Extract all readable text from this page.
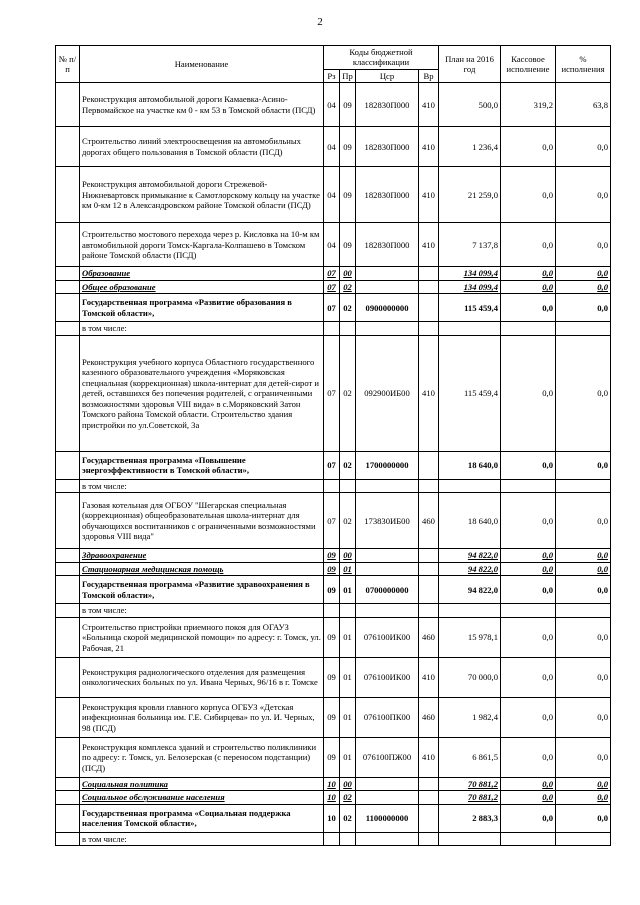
2
№ п/п	Наименование	Коды бюджетной классификации				План на 2016 год	Кассовое исполнение	% исполнения
		Рз	Пр	Цср	Вр			
	Реконструкция автомобильной дороги Камаевка-Асино-Первомайское на участке км 0 - км 53 в Томской области (ПСД)	04	09	182830П000	410	500,0	319,2	63,8
	Строительство линий электроосвещения на автомобильных дорогах общего пользования в Томской области (ПСД)	04	09	182830П000	410	1 236,4	0,0	0,0
	Реконструкция автомобильной дороги Стрежевой-Нижневартовск примыкание к Самотлорскому кольцу на участке км 0-км 12 в Александровском районе Томской области (ПСД)	04	09	182830П000	410	21 259,0	0,0	0,0
	Строительство мостового перехода через р. Кисловка на 10-м км автомобильной дороги Томск-Каргала-Колпашево в Томском районе Томской области (ПСД)	04	09	182830П000	410	7 137,8	0,0	0,0
	Образование	07	00			134 099,4	0,0	0,0
	Общее образование	07	02			134 099,4	0,0	0,0
	Государственная программа «Развитие образования в Томской области»,	07	02	0900000000		115 459,4	0,0	0,0
	в том числе:							
	Реконструкция учебного корпуса Областного государственного казенного образовательного учреждения «Моряковская специальная (коррекционная) школа-интернат для детей-сирот и детей, оставшихся без попечения родителей, с ограниченными возможностями здоровья VIII вида» в с.Моряковский Затон Томского района Томской области. Строительство здания пристройки по ул.Советской, 3а	07	02	092900ИБ00	410	115 459,4	0,0	0,0
	Государственная программа «Повышение энергоэффективности в Томской области»,	07	02	1700000000		18 640,0	0,0	0,0
	в том числе:							
	Газовая котельная для ОГБОУ "Шегарская специальная (коррекционная) общеобразовательная школа-интернат для обучающихся воспитанников с ограниченными возможностями здоровья VIII вида"	07	02	173830ИБ00	460	18 640,0	0,0	0,0
	Здравоохранение	09	00			94 822,0	0,0	0,0
	Стационарная медицинская помощь	09	01			94 822,0	0,0	0,0
	Государственная программа «Развитие здравоохранения в Томской области»,	09	01	0700000000		94 822,0	0,0	0,0
	в том числе:							
	Строительство пристройки приемного покоя для ОГАУЗ «Больница скорой медицинской помощи» по адресу: г. Томск, ул. Рабочая, 21	09	01	076100ИК00	460	15 978,1	0,0	0,0
	Реконструкция радиологического отделения для размещения онкологических больных по ул. Ивана Черных, 96/16 в г. Томске	09	01	076100ИК00	410	70 000,0	0,0	0,0
	Реконструкция кровли главного корпуса ОГБУЗ «Детская инфекционная больница им. Г.Е. Сибирцева» по ул. И. Черных, 98 (ПСД)	09	01	076100ПК00	460	1 982,4	0,0	0,0
	Реконструкция комплекса зданий и строительство поликлиники по адресу: г. Томск, ул. Белозерская (с переносом подстанции) (ПСД)	09	01	076100ПЖ00	410	6 861,5	0,0	0,0
	Социальная политика	10	00			70 881,2	0,0	0,0
	Социальное обслуживание населения	10	02			70 881,2	0,0	0,0
	Государственная программа «Социальная поддержка населения Томской области»,	10	02	1100000000		2 883,3	0,0	0,0
	в том числе:							
